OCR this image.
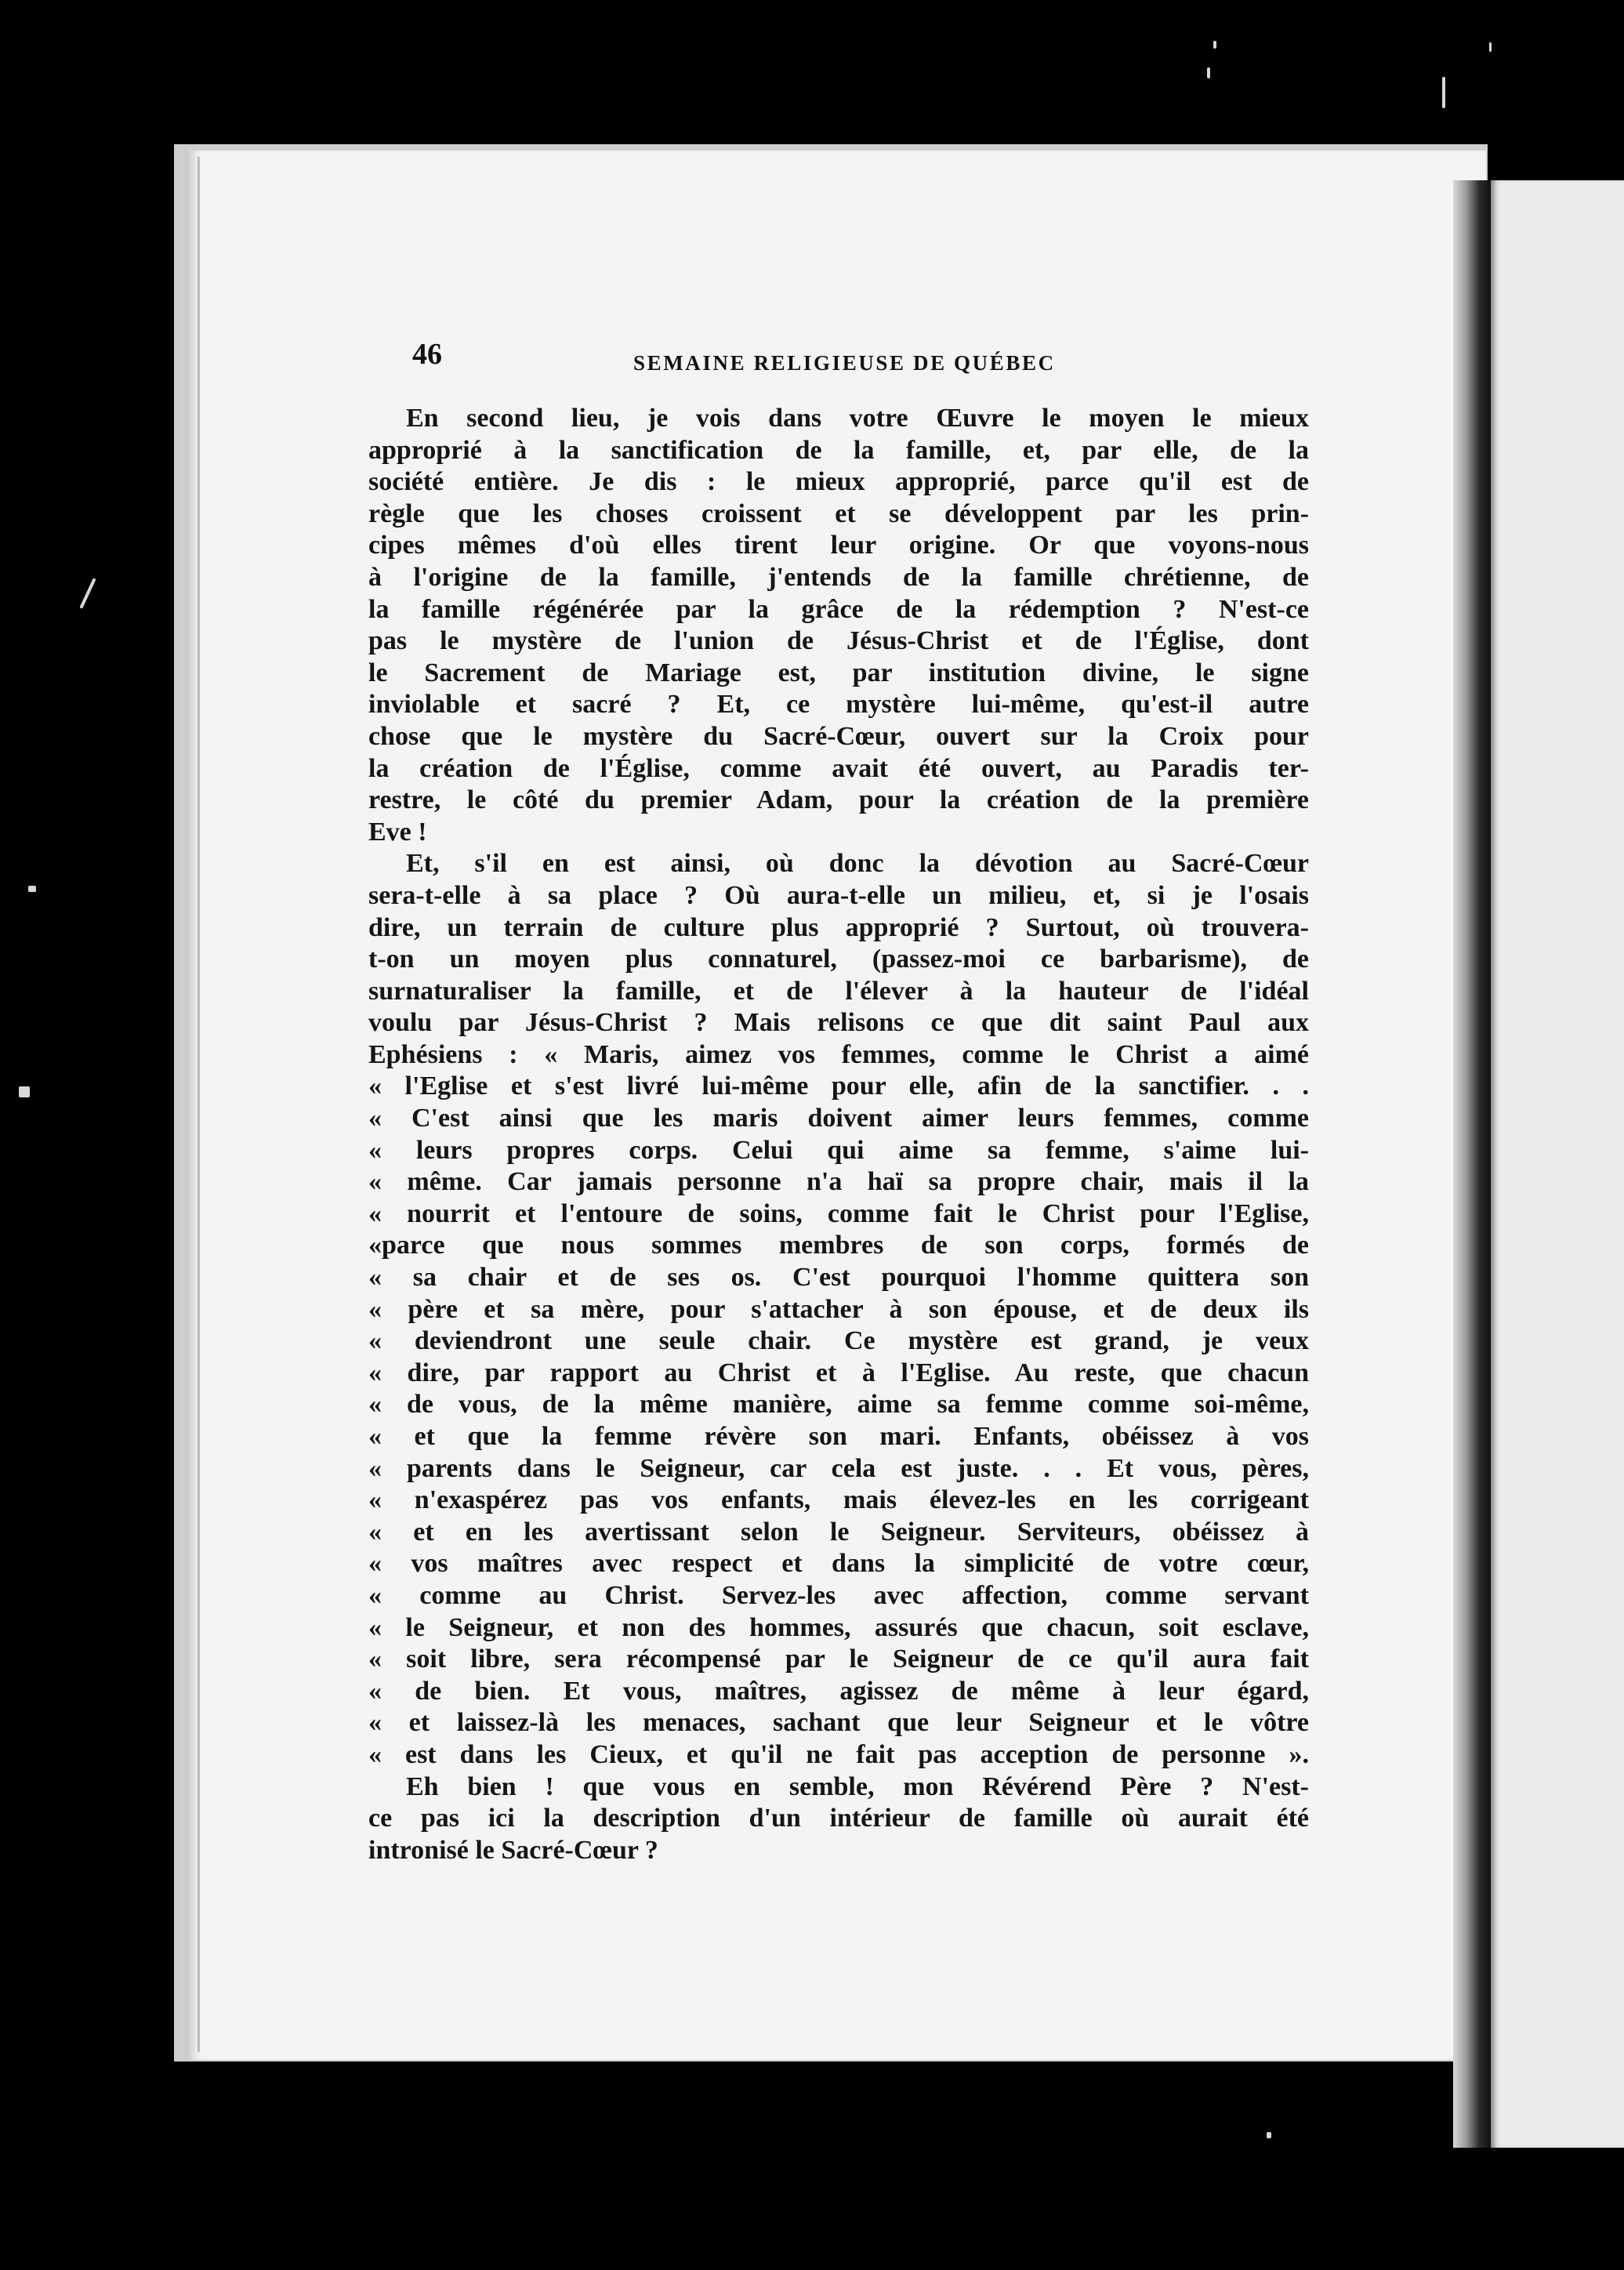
46	SEMAINE RELIGIEUSE DE QUÉBEC
En second lieu, je vois dans votre Œuvre le moyen le mieux
approprié à la sanctification de la famille, et, par elle, de la
société entière. Je dis : le mieux approprié, parce qu'il est de
règle que les choses croissent et se développent par les prin-
cipes mêmes d'où elles tirent leur origine. Or que voyons-nous
à l'origine de la famille, j'entends de la famille chrétienne, de
la famille régénérée par la grâce de la rédemption ? N'est-ce
pas le mystère de l'union de Jésus-Christ et de l'Église, dont
le Sacrement de Mariage est, par institution divine, le signe
inviolable et sacré ? Et, ce mystère lui-même, qu'est-il autre
chose que le mystère du Sacré-Cœur, ouvert sur la Croix pour
la création de l'Église, comme avait été ouvert, au Paradis ter-
restre, le côté du premier Adam, pour la création de la première
Eve !
Et, s'il en est ainsi, où donc la dévotion au Sacré-Cœur
sera-t-elle à sa place ? Où aura-t-elle un milieu, et, si je l'osais
dire, un terrain de culture plus approprié ? Surtout, où trouvera-
t-on un moyen plus connaturel, (passez-moi ce barbarisme), de
surnaturaliser la famille, et de l'élever à la hauteur de l'idéal
voulu par Jésus-Christ ? Mais relisons ce que dit saint Paul aux
Ephésiens : « Maris, aimez vos femmes, comme le Christ a aimé
« l'Eglise et s'est livré lui-même pour elle, afin de la sanctifier. . .
« C'est ainsi que les maris doivent aimer leurs femmes, comme
« leurs propres corps. Celui qui aime sa femme, s'aime lui-
« même. Car jamais personne n'a haï sa propre chair, mais il la
« nourrit et l'entoure de soins, comme fait le Christ pour l'Eglise,
«parce que nous sommes membres de son corps, formés de
« sa chair et de ses os. C'est pourquoi l'homme quittera son
« père et sa mère, pour s'attacher à son épouse, et de deux ils
« deviendront une seule chair. Ce mystère est grand, je veux
« dire, par rapport au Christ et à l'Eglise. Au reste, que chacun
« de vous, de la même manière, aime sa femme comme soi-même,
« et que la femme révère son mari. Enfants, obéissez à vos
« parents dans le Seigneur, car cela est juste. . . Et vous, pères,
« n'exaspérez pas vos enfants, mais élevez-les en les corrigeant
« et en les avertissant selon le Seigneur. Serviteurs, obéissez à
« vos maîtres avec respect et dans la simplicité de votre cœur,
« comme au Christ. Servez-les avec affection, comme servant
« le Seigneur, et non des hommes, assurés que chacun, soit esclave,
« soit libre, sera récompensé par le Seigneur de ce qu'il aura fait
« de bien. Et vous, maîtres, agissez de même à leur égard,
« et laissez-là les menaces, sachant que leur Seigneur et le vôtre
« est dans les Cieux, et qu'il ne fait pas acception de personne ».
Eh bien ! que vous en semble, mon Révérend Père ? N'est-
ce pas ici la description d'un intérieur de famille où aurait été
intronisé le Sacré-Cœur ?
